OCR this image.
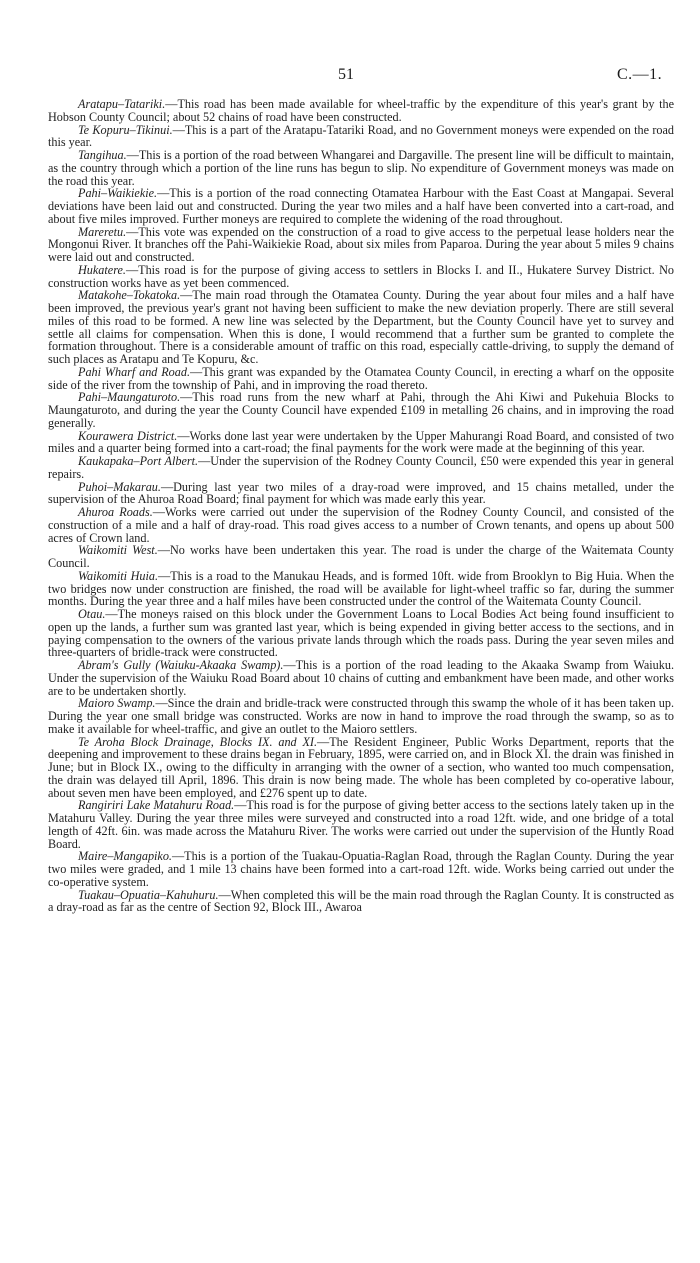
51	C.—1.

Aratapu–Tatariki.—This road has been made available for wheel-traffic by the expenditure of this year's grant by the Hobson County Council; about 52 chains of road have been constructed.

Te Kopuru–Tikinui.—This is a part of the Aratapu-Tatariki Road, and no Government moneys were expended on the road this year.

Tangihua.—This is a portion of the road between Whangarei and Dargaville. The present line will be difficult to maintain, as the country through which a portion of the line runs has begun to slip. No expenditure of Government moneys was made on the road this year.

Pahi–Waikiekie.—This is a portion of the road connecting Otamatea Harbour with the East Coast at Mangapai. Several deviations have been laid out and constructed. During the year two miles and a half have been converted into a cart-road, and about five miles improved. Further moneys are required to complete the widening of the road throughout.

Mareretu.—This vote was expended on the construction of a road to give access to the perpetual lease holders near the Mongonui River. It branches off the Pahi-Waikiekie Road, about six miles from Paparoa. During the year about 5 miles 9 chains were laid out and constructed.

Hukatere.—This road is for the purpose of giving access to settlers in Blocks I. and II., Hukatere Survey District. No construction works have as yet been commenced.

Matakohe–Tokatoka.—The main road through the Otamatea County. During the year about four miles and a half have been improved, the previous year's grant not having been sufficient to make the new deviation properly. There are still several miles of this road to be formed. A new line was selected by the Department, but the County Council have yet to survey and settle all claims for compensation. When this is done, I would recommend that a further sum be granted to complete the formation throughout. There is a considerable amount of traffic on this road, especially cattle-driving, to supply the demand of such places as Aratapu and Te Kopuru, &c.

Pahi Wharf and Road.—This grant was expanded by the Otamatea County Council, in erecting a wharf on the opposite side of the river from the township of Pahi, and in improving the road thereto.

Pahi–Maungaturoto.—This road runs from the new wharf at Pahi, through the Ahi Kiwi and Pukehuia Blocks to Maungaturoto, and during the year the County Council have expended £109 in metalling 26 chains, and in improving the road generally.

Kourawera District.—Works done last year were undertaken by the Upper Mahurangi Road Board, and consisted of two miles and a quarter being formed into a cart-road; the final payments for the work were made at the beginning of this year.

Kaukapaka–Port Albert.—Under the supervision of the Rodney County Council, £50 were expended this year in general repairs.

Puhoi–Makarau.—During last year two miles of a dray-road were improved, and 15 chains metalled, under the supervision of the Ahuroa Road Board; final payment for which was made early this year.

Ahuroa Roads.—Works were carried out under the supervision of the Rodney County Council, and consisted of the construction of a mile and a half of dray-road. This road gives access to a number of Crown tenants, and opens up about 500 acres of Crown land.

Waikomiti West.—No works have been undertaken this year. The road is under the charge of the Waitemata County Council.

Waikomiti Huia.—This is a road to the Manukau Heads, and is formed 10ft. wide from Brooklyn to Big Huia. When the two bridges now under construction are finished, the road will be available for light-wheel traffic so far, during the summer months. During the year three and a half miles have been constructed under the control of the Waitemata County Council.

Otau.—The moneys raised on this block under the Government Loans to Local Bodies Act being found insufficient to open up the lands, a further sum was granted last year, which is being expended in giving better access to the sections, and in paying compensation to the owners of the various private lands through which the roads pass. During the year seven miles and three-quarters of bridle-track were constructed.

Abram's Gully (Waiuku-Akaaka Swamp).—This is a portion of the road leading to the Akaaka Swamp from Waiuku. Under the supervision of the Waiuku Road Board about 10 chains of cutting and embankment have been made, and other works are to be undertaken shortly.

Maioro Swamp.—Since the drain and bridle-track were constructed through this swamp the whole of it has been taken up. During the year one small bridge was constructed. Works are now in hand to improve the road through the swamp, so as to make it available for wheel-traffic, and give an outlet to the Maioro settlers.

Te Aroha Block Drainage, Blocks IX. and XI.—The Resident Engineer, Public Works Department, reports that the deepening and improvement to these drains began in February, 1895, were carried on, and in Block XI. the drain was finished in June; but in Block IX., owing to the difficulty in arranging with the owner of a section, who wanted too much compensation, the drain was delayed till April, 1896. This drain is now being made. The whole has been completed by co-operative labour, about seven men have been employed, and £276 spent up to date.

Rangiriri Lake Matahuru Road.—This road is for the purpose of giving better access to the sections lately taken up in the Matahuru Valley. During the year three miles were surveyed and constructed into a road 12ft. wide, and one bridge of a total length of 42ft. 6in. was made across the Matahuru River. The works were carried out under the supervision of the Huntly Road Board.

Maire–Mangapiko.—This is a portion of the Tuakau-Opuatia-Raglan Road, through the Raglan County. During the year two miles were graded, and 1 mile 13 chains have been formed into a cart-road 12ft. wide. Works being carried out under the co-operative system.

Tuakau–Opuatia–Kahuhuru.—When completed this will be the main road through the Raglan County. It is constructed as a dray-road as far as the centre of Section 92, Block III., Awaroa
